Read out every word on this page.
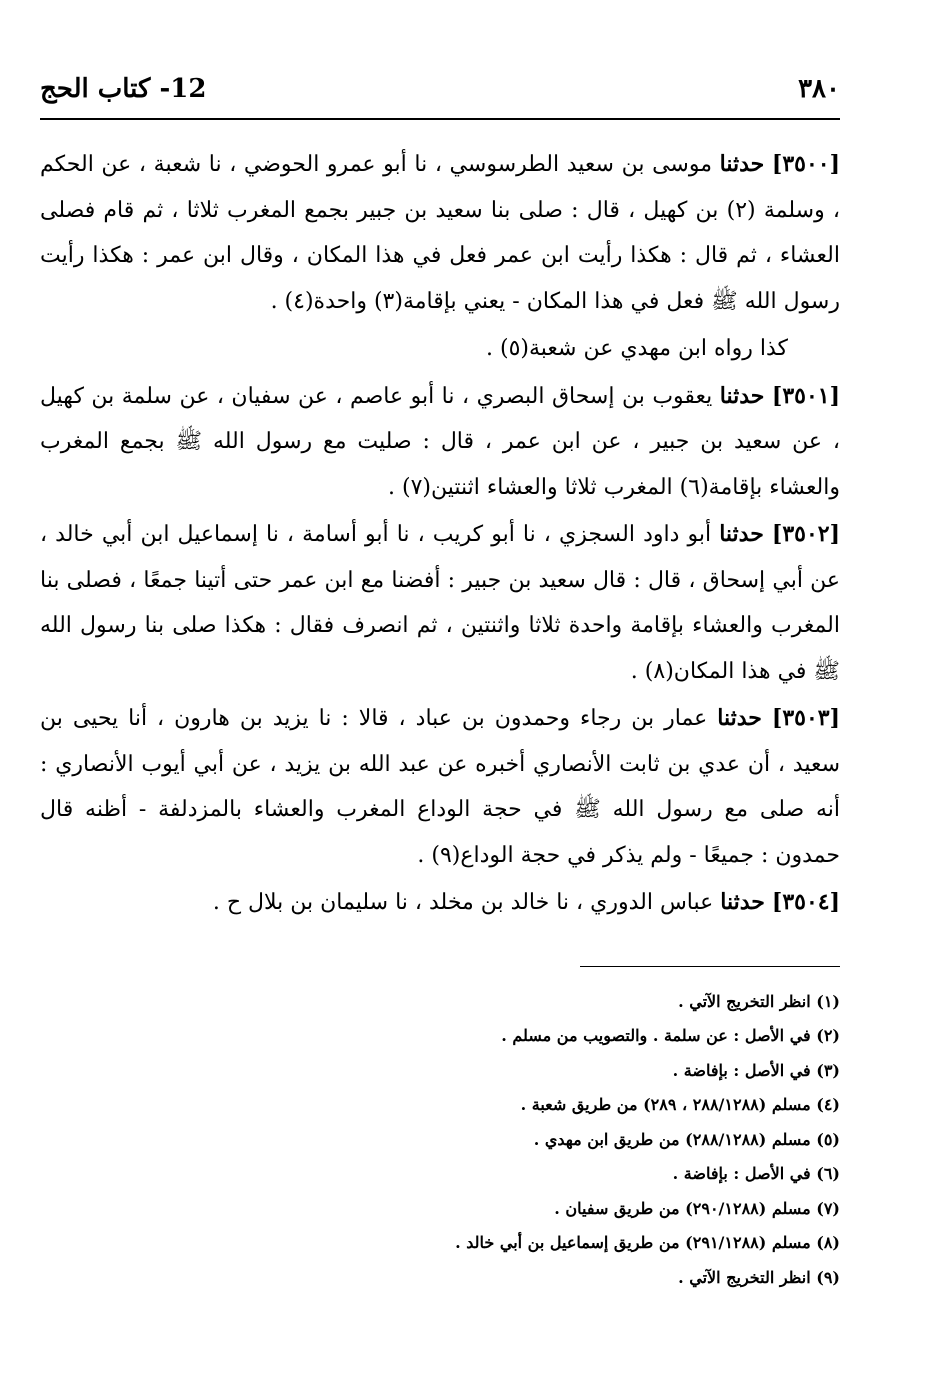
٣٨٠
12- كتاب الحج

[٣٥٠٠] حدثنا موسى بن سعيد الطرسوسي ، نا أبو عمرو الحوضي ، نا شعبة ، عن الحكم ، وسلمة (٢) بن كهيل ، قال : صلى بنا سعيد بن جبير بجمع المغرب ثلاثا ، ثم قام فصلى العشاء ، ثم قال : هكذا رأيت ابن عمر فعل في هذا المكان ، وقال ابن عمر : هكذا رأيت رسول الله ﷺ فعل في هذا المكان - يعني بإقامة(٣) واحدة(٤) .

كذا رواه ابن مهدي عن شعبة(٥) .

[٣٥٠١] حدثنا يعقوب بن إسحاق البصري ، نا أبو عاصم ، عن سفيان ، عن سلمة بن كهيل ، عن سعيد بن جبير ، عن ابن عمر ، قال : صليت مع رسول الله ﷺ بجمع المغرب والعشاء بإقامة(٦) المغرب ثلاثا والعشاء اثنتين(٧) .

[٣٥٠٢] حدثنا أبو داود السجزي ، نا أبو كريب ، نا أبو أسامة ، نا إسماعيل ابن أبي خالد ، عن أبي إسحاق ، قال : قال سعيد بن جبير : أفضنا مع ابن عمر حتى أتينا جمعًا ، فصلى بنا المغرب والعشاء بإقامة واحدة ثلاثا واثنتين ، ثم انصرف فقال : هكذا صلى بنا رسول الله ﷺ في هذا المكان(٨) .

[٣٥٠٣] حدثنا عمار بن رجاء وحمدون بن عباد ، قالا : نا يزيد بن هارون ، أنا يحيى بن سعيد ، أن عدي بن ثابت الأنصاري أخبره عن عبد الله بن يزيد ، عن أبي أيوب الأنصاري : أنه صلى مع رسول الله ﷺ في حجة الوداع المغرب والعشاء بالمزدلفة - أظنه قال حمدون : جميعًا - ولم يذكر في حجة الوداع(٩) .

[٣٥٠٤] حدثنا عباس الدوري ، نا خالد بن مخلد ، نا سليمان بن بلال ح .

(١) انظر التخريج الآتي .
(٢) في الأصل : عن سلمة . والتصويب من مسلم .
(٣) في الأصل : بإفاضة .
(٤) مسلم (٢٨٨/١٢٨٨ ، ٢٨٩) من طريق شعبة .
(٥) مسلم (٢٨٨/١٢٨٨) من طريق ابن مهدي .
(٦) في الأصل : بإفاضة .
(٧) مسلم (٢٩٠/١٢٨٨) من طريق سفيان .
(٨) مسلم (٢٩١/١٢٨٨) من طريق إسماعيل بن أبي خالد .
(٩) انظر التخريج الآتي .
